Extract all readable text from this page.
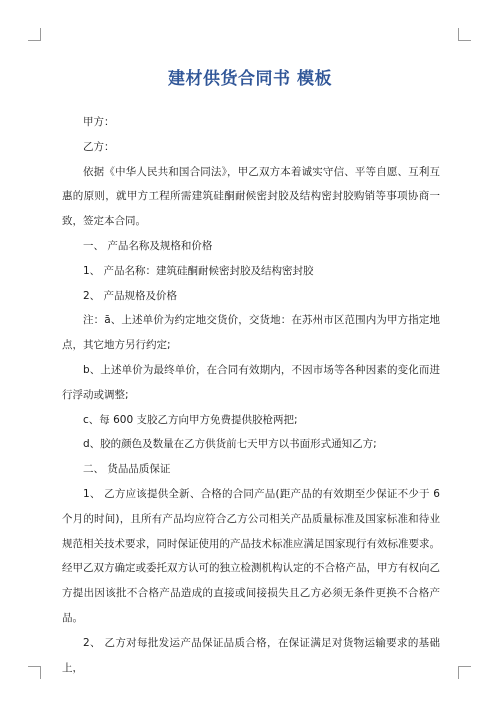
建材供货合同书 模板

甲方：

乙方：

依据《中华人民共和国合同法》，甲乙双方本着诚实守信、平等自愿、互利互惠的原则，就甲方工程所需建筑硅酮耐候密封胶及结构密封胶购销等事项协商一致，签定本合同。

一、 产品名称及规格和价格

1、 产品名称：建筑硅酮耐候密封胶及结构密封胶

2、 产品规格及价格

注：ā、上述单价为约定地交货价，交货地：在苏州市区范围内为甲方指定地点，其它地方另行约定;

b、上述单价为最终单价，在合同有效期内，不因市场等各种因素的变化而进行浮动或调整;

c、每 600 支胶乙方向甲方免费提供胶枪两把;

d、胶的颜色及数量在乙方供货前七天甲方以书面形式通知乙方;

二、 货品品质保证

1、 乙方应该提供全新、合格的合同产品(距产品的有效期至少保证不少于 6 个月的时间)，且所有产品均应符合乙方公司相关产品质量标准及国家标准和待业规范相关技术要求，同时保证使用的产品技术标准应满足国家现行有效标准要求。经甲乙双方确定或委托双方认可的独立检测机构认定的不合格产品，甲方有权向乙方提出因该批不合格产品造成的直接或间接损失且乙方必须无条件更换不合格产品。

2、 乙方对每批发运产品保证品质合格，在保证满足对货物运输要求的基础上，
